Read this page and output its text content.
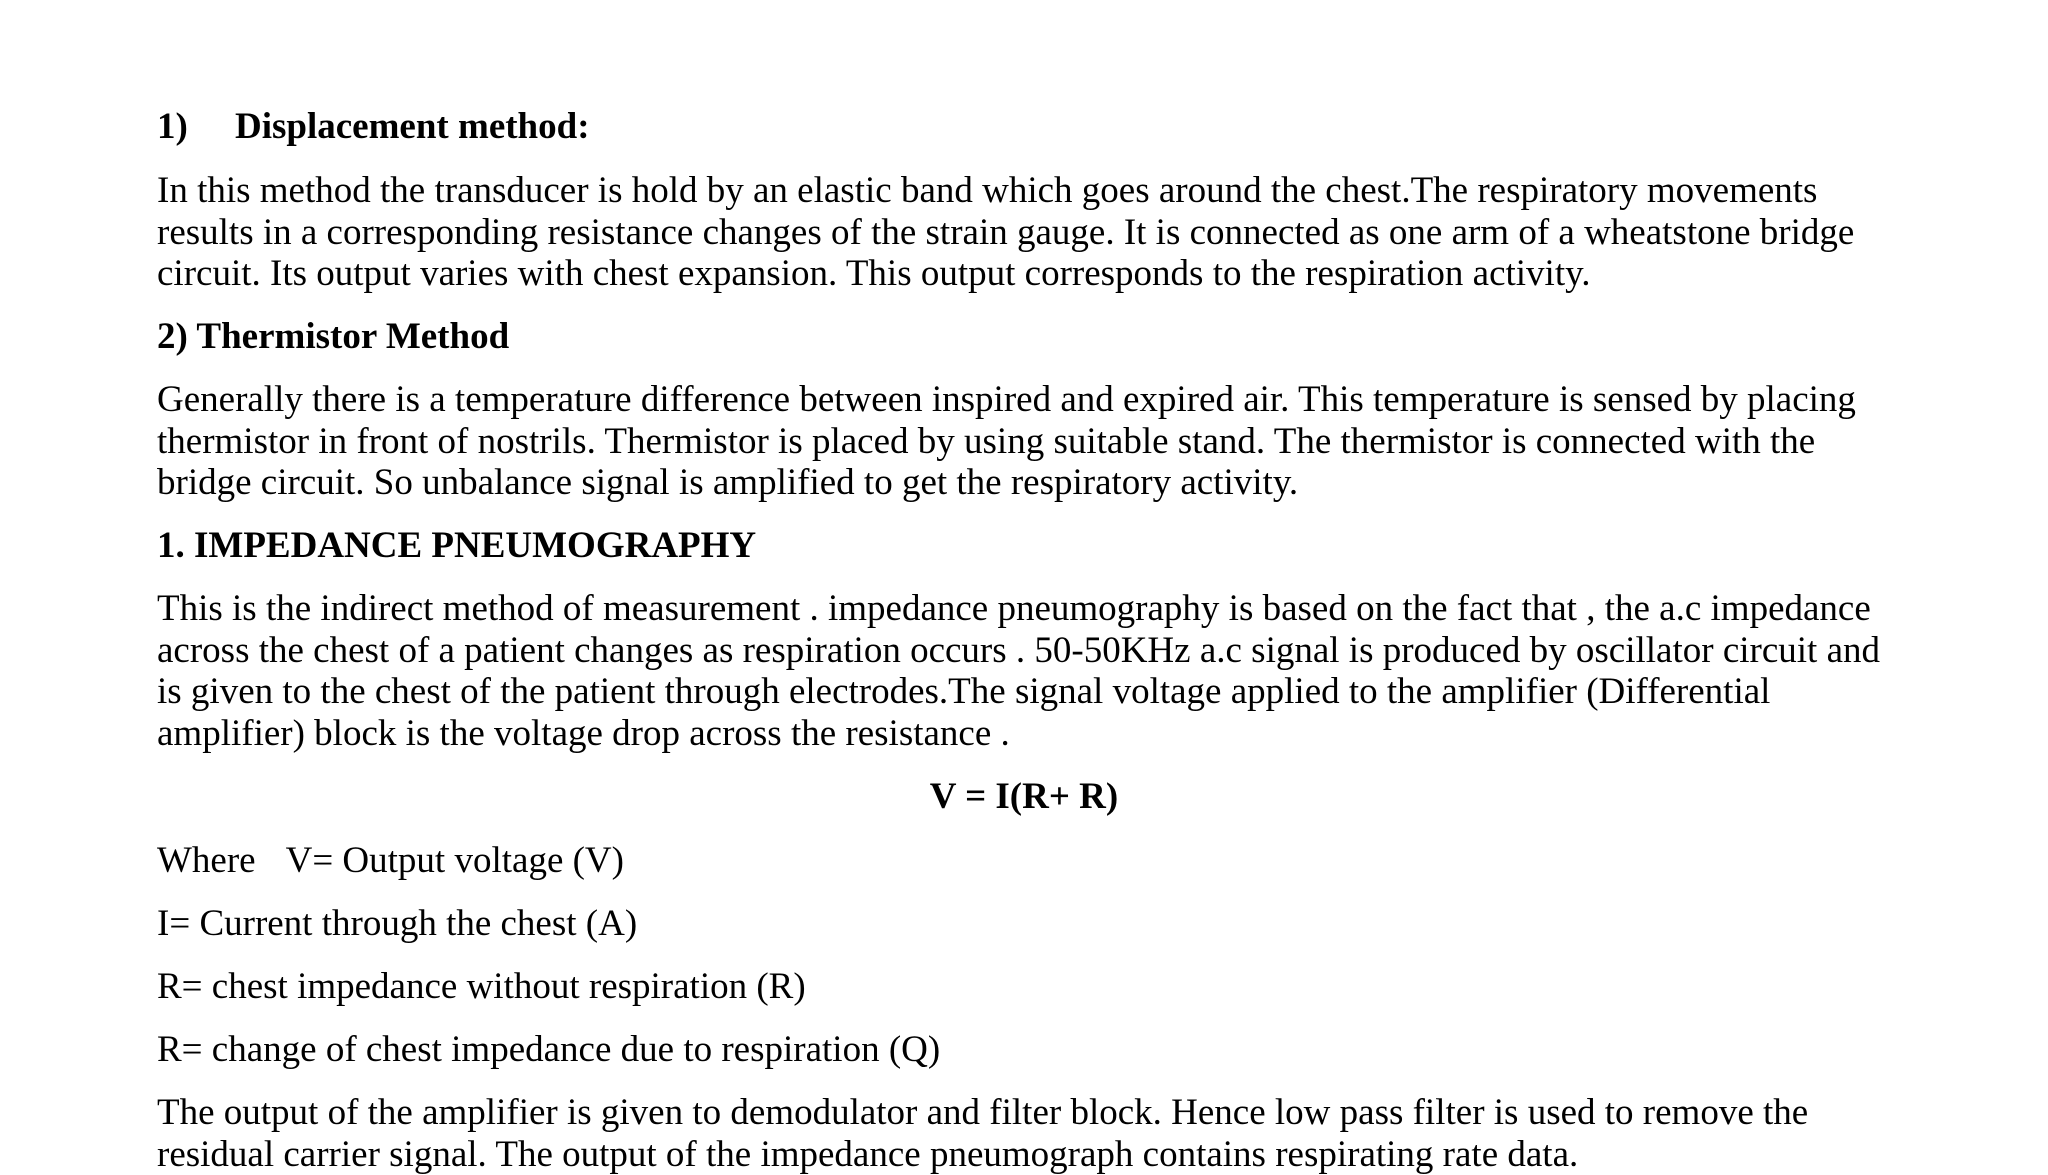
1) Displacement method:
In this method the transducer is hold by an elastic band which goes around the chest.The respiratory movements
results in a corresponding resistance changes of the strain gauge. It is connected as one arm of a wheatstone bridge
circuit. Its output varies with chest expansion. This output corresponds to the respiration activity.
2) Thermistor Method
Generally there is a temperature difference between inspired and expired air. This temperature is sensed by placing
thermistor in front of nostrils. Thermistor is placed by using suitable stand. The thermistor is connected with the
bridge circuit. So unbalance signal is amplified to get the respiratory activity.
1. IMPEDANCE PNEUMOGRAPHY
This is the indirect method of measurement . impedance pneumography is based on the fact that , the a.c impedance
across the chest of a patient changes as respiration occurs . 50-50KHz a.c signal is produced by oscillator circuit and
is given to the chest of the patient through electrodes.The signal voltage applied to the amplifier (Differential
amplifier) block is the voltage drop across the resistance .
V = I(R+ R)
Where V= Output voltage (V)
I= Current through the chest (A)
R= chest impedance without respiration (R)
R= change of chest impedance due to respiration (Q)
The output of the amplifier is given to demodulator and filter block. Hence low pass filter is used to remove the
residual carrier signal. The output of the impedance pneumograph contains respirating rate data.
